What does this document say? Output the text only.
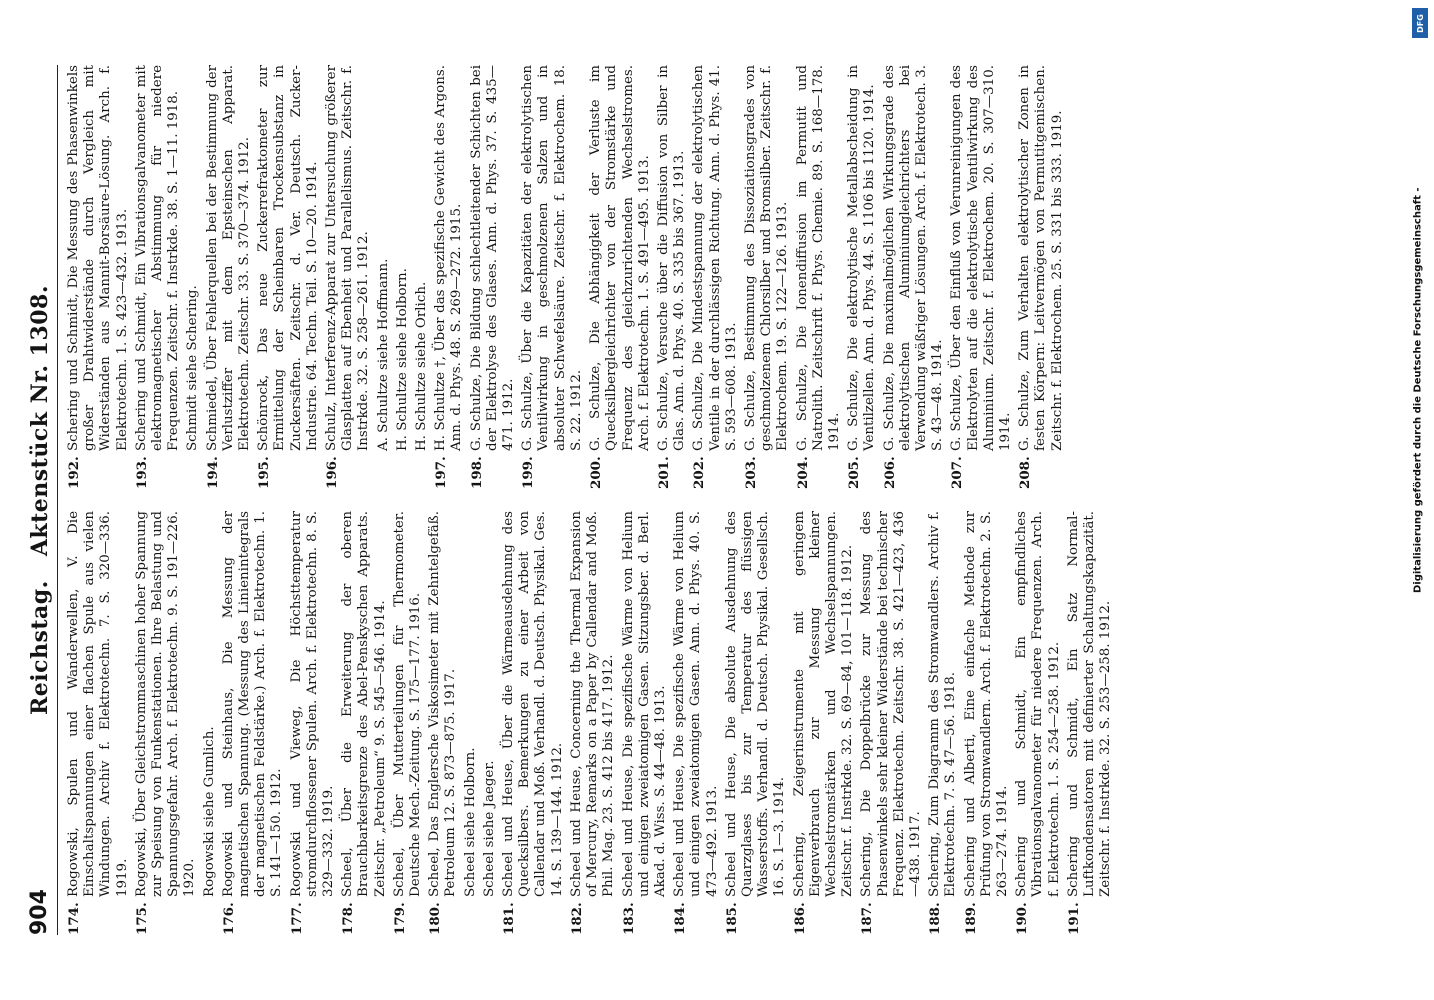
904
Reichstag.Aktenstück Nr. 1308.
174.
Rogowski, Spulen und Wanderwellen, V. Die Einschaltspannungen einer flachen Spule aus vielen Windungen. Archiv f. Elektrotechn. 7. S. 320—336. 1919.
175.
Rogowski, Über Gleichstrommaschinen hoher Spannung zur Speisung von Funkenstationen. Ihre Belastung und Spannungsgefahr. Arch. f. Elektrotechn. 9. S. 191—226. 1920. Rogowski siehe Gumlich.
176.
Rogowski und Steinhaus, Die Messung der magnetischen Spannung. (Messung des Linienintegrals der magnetischen Feldstärke.) Arch. f. Elektrotechn. 1. S. 141—150. 1912.
177.
Rogowski und Vieweg, Die Höchsttemperatur stromdurchflossener Spulen. Arch. f. Elektrotechn. 8. S. 329—332. 1919.
178.
Scheel, Über die Erweiterung der oberen Brauchbarkeitsgrenze des Abel-Penskyschen Apparats. Zeitschr. „Petroleum“ 9. S. 545—546. 1914.
179.
Scheel, Über Mutterteilungen für Thermometer. Deutsche Mech.-Zeitung. S. 175—177. 1916.
180.
Scheel, Das Englersche Viskosimeter mit Zehntelgefäß. Petroleum 12. S. 873—875. 1917. Scheel siehe Holborn. Scheel siehe Jaeger.
181.
Scheel und Heuse, Über die Wärmeausdehnung des Quecksilbers. Bemerkungen zu einer Arbeit von Callendar und Moß. Verhandl. d. Deutsch. Physikal. Ges. 14. S. 139—144. 1912.
182.
Scheel und Heuse, Concerning the Thermal Expansion of Mercury, Remarks on a Paper by Callendar and Moß. Phil. Mag. 23. S. 412 bis 417. 1912.
183.
Scheel und Heuse, Die spezifische Wärme von Helium und einigen zweiatomigen Gasen. Sitzungsber. d. Berl. Akad. d. Wiss. S. 44—48. 1913.
184.
Scheel und Heuse, Die spezifische Wärme von Helium und einigen zweiatomigen Gasen. Ann. d. Phys. 40. S. 473—492. 1913.
185.
Scheel und Heuse, Die absolute Ausdehnung des Quarzglases bis zur Temperatur des flüssigen Wasserstoffs. Verhandl. d. Deutsch. Physikal. Gesellsch. 16. S. 1—3. 1914.
186.
Schering, Zeigerinstrumente mit geringem Eigenverbrauch zur Messung kleiner Wechselstromstärken und Wechselspannungen. Zeitschr. f. Instrkde. 32. S. 69—84, 101—118. 1912.
187.
Schering, Die Doppelbrücke zur Messung des Phasenwinkels sehr kleiner Widerstände bei technischer Frequenz. Elektrotechn. Zeitschr. 38. S. 421—423, 436—438. 1917.
188.
Schering, Zum Diagramm des Stromwandlers. Archiv f. Elektrotechn. 7. S. 47—56. 1918.
189.
Schering und Alberti, Eine einfache Methode zur Prüfung von Stromwandlern. Arch. f. Elektrotechn. 2. S. 263—274. 1914.
190.
Schering und Schmidt, Ein empfindliches Vibrationsgalvanometer für niedere Frequenzen. Arch. f. Elektrotechn. 1. S. 254—258. 1912.
191.
Schering und Schmidt, Ein Satz Normal-Luftkondensatoren mit definierter Schaltungskapazität. Zeitschr. f. Instrkde. 32. S. 253—258. 1912.
192.
Schering und Schmidt, Die Messung des Phasenwinkels großer Drahtwiderstände durch Vergleich mit Widerständen aus Mannit-Borsäure-Lösung. Arch. f. Elektrotechn. 1. S. 423—432. 1913.
193.
Schering und Schmidt, Ein Vibrationsgalvanometer mit elektromagnetischer Abstimmung für niedere Frequenzen. Zeitschr. f. Instrkde. 38. S. 1—11. 1918. Schmidt siehe Schering.
194.
Schmiedel, Über Fehlerquellen bei der Bestimmung der Verlustziffer mit dem Epsteinschen Apparat. Elektrotechn. Zeitschr. 33. S. 370—374. 1912.
195.
Schönrock, Das neue Zuckerrefraktometer zur Ermittelung der Scheinbaren Trockensubstanz in Zuckersäften. Zeitschr. d. Ver. Deutsch. Zucker-Industrie. 64. Techn. Teil. S. 10—20. 1914.
196.
Schulz, Interferenz-Apparat zur Untersuchung größerer Glasplatten auf Ebenheit und Parallelismus. Zeitschr. f. Instrkde. 32. S. 258—261. 1912. A. Schultze siehe Hoffmann. H. Schultze siehe Holborn. H. Schultze siehe Orlich.
197.
H. Schultze †, Über das spezifische Gewicht des Argons. Ann. d. Phys. 48. S. 269—272. 1915.
198.
G. Schulze, Die Bildung schlechtleitender Schichten bei der Elektrolyse des Glases. Ann. d. Phys. 37. S. 435—471. 1912.
199.
G. Schulze, Über die Kapazitäten der elektrolytischen Ventilwirkung in geschmolzenen Salzen und in absoluter Schwefelsäure. Zeitschr. f. Elektrochem. 18. S. 22. 1912.
200.
G. Schulze, Die Abhängigkeit der Verluste im Quecksilbergleichrichter von der Stromstärke und Frequenz des gleichzurichtenden Wechselstromes. Arch. f. Elektrotechn. 1. S. 491—495. 1913.
201.
G. Schulze, Versuche über die Diffusion von Silber in Glas. Ann. d. Phys. 40. S. 335 bis 367. 1913.
202.
G. Schulze, Die Mindestspannung der elektrolytischen Ventile in der durchlässigen Richtung. Ann. d. Phys. 41. S. 593—608. 1913.
203.
G. Schulze, Bestimmung des Dissoziationsgrades von geschmolzenem Chlorsilber und Bromsilber. Zeitschr. f. Elektrochem. 19. S. 122—126. 1913.
204.
G. Schulze, Die Ionendiffusion im Permutit und Natrolith. Zeitschrift f. Phys. Chemie. 89. S. 168—178. 1914.
205.
G. Schulze, Die elektrolytische Metallabscheidung in Ventilzellen. Ann. d. Phys. 44. S. 1106 bis 1120. 1914.
206.
G. Schulze, Die maximalmöglichen Wirkungsgrade des elektrolytischen Aluminiumgleichrichters bei Verwendung wäßriger Lösungen. Arch. f. Elektrotech. 3. S. 43—48. 1914.
207.
G. Schulze, Über den Einfluß von Verunreinigungen des Elektrolyten auf die elektrolytische Ventilwirkung des Aluminium. Zeitschr. f. Elektrochem. 20. S. 307—310. 1914.
208.
G. Schulze, Zum Verhalten elektrolytischer Zonen in festen Körpern: Leitvermögen von Permutitgemischen. Zeitschr. f. Elektrochem. 25. S. 331 bis 333. 1919.	Digitalisierung gefördert durch die Deutsche Forschungsgemeinschaft -
DFG
